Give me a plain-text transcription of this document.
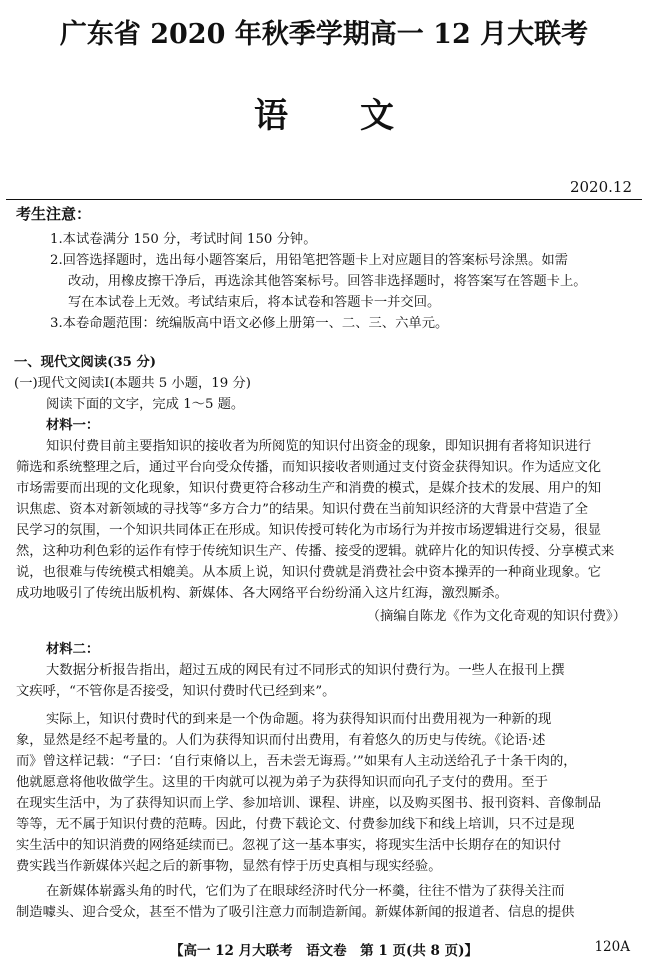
广东省 2020 年秋季学期高一 12 月大联考
语文
2020.12
考生注意：
1.本试卷满分 150 分，考试时间 150 分钟。
2.回答选择题时，选出每小题答案后，用铅笔把答题卡上对应题目的答案标号涂黑。如需
改动，用橡皮擦干净后，再选涂其他答案标号。回答非选择题时，将答案写在答题卡上。
写在本试卷上无效。考试结束后，将本试卷和答题卡一并交回。
3.本卷命题范围：统编版高中语文必修上册第一、二、三、六单元。
一、现代文阅读(35 分)
(一)现代文阅读Ⅰ(本题共 5 小题，19 分)
阅读下面的文字，完成 1～5 题。
材料一：
知识付费目前主要指知识的接收者为所阅览的知识付出资金的现象，即知识拥有者将知识进行
筛选和系统整理之后，通过平台向受众传播，而知识接收者则通过支付资金获得知识。作为适应文化
市场需要而出现的文化现象，知识付费更符合移动生产和消费的模式，是媒介技术的发展、用户的知
识焦虑、资本对新领域的寻找等“多方合力”的结果。知识付费在当前知识经济的大背景中营造了全
民学习的氛围，一个知识共同体正在形成。知识传授可转化为市场行为并按市场逻辑进行交易，很显
然，这种功利色彩的运作有悖于传统知识生产、传播、接受的逻辑。就碎片化的知识传授、分享模式来
说，也很难与传统模式相媲美。从本质上说，知识付费就是消费社会中资本操弄的一种商业现象。它
成功地吸引了传统出版机构、新媒体、各大网络平台纷纷涌入这片红海，激烈厮杀。
（摘编自陈龙《作为文化奇观的知识付费》）
材料二：
大数据分析报告指出，超过五成的网民有过不同形式的知识付费行为。一些人在报刊上撰
文疾呼，“不管你是否接受，知识付费时代已经到来”。
实际上，知识付费时代的到来是一个伪命题。将为获得知识而付出费用视为一种新的现
象，显然是经不起考量的。人们为获得知识而付出费用，有着悠久的历史与传统。《论语·述
而》曾这样记载：“子曰：‘自行束脩以上，吾未尝无诲焉。’”如果有人主动送给孔子十条干肉的，
他就愿意将他收做学生。这里的干肉就可以视为弟子为获得知识而向孔子支付的费用。至于
在现实生活中，为了获得知识而上学、参加培训、课程、讲座，以及购买图书、报刊资料、音像制品
等等，无不属于知识付费的范畴。因此，付费下载论文、付费参加线下和线上培训，只不过是现
实生活中的知识消费的网络延续而已。忽视了这一基本事实，将现实生活中长期存在的知识付
费实践当作新媒体兴起之后的新事物，显然有悖于历史真相与现实经验。
在新媒体崭露头角的时代，它们为了在眼球经济时代分一杯羹，往往不惜为了获得关注而
制造噱头、迎合受众，甚至不惜为了吸引注意力而制造新闻。新媒体新闻的报道者、信息的提供
【高一 12 月大联考　语文卷　第 1 页(共 8 页)】	120A
